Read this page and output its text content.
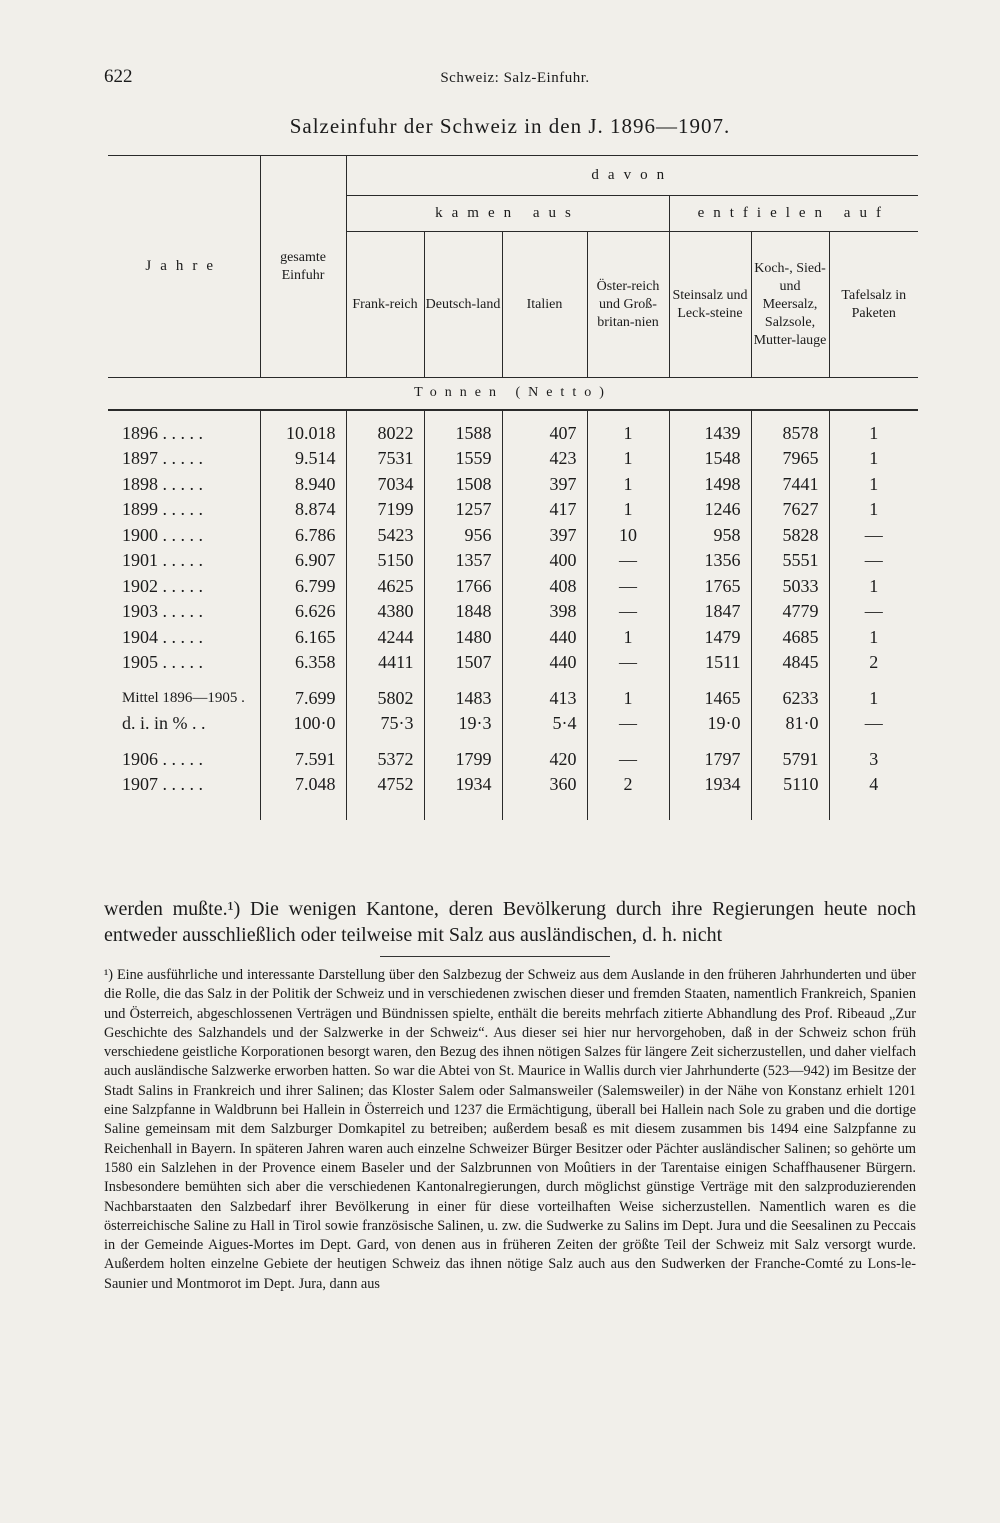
622	Schweiz: Salz-Einfuhr.
Salzeinfuhr der Schweiz in den J. 1896—1907.
Jahre	gesamte Einfuhr	davon						
		kamen aus				entfielen auf		
		Frank-reich	Deutsch-land	Italien	Öster-reich und Groß-britan-nien	Steinsalz und Leck-steine	Koch-, Sied- und Meersalz, Salzsole, Mutter-lauge	Tafelsalz in Paketen
Tonnen (Netto)								

1896 . . . . .	10.018	8022	1588	407	1	1439	8578	1
1897 . . . . .	9.514	7531	1559	423	1	1548	7965	1
1898 . . . . .	8.940	7034	1508	397	1	1498	7441	1
1899 . . . . .	8.874	7199	1257	417	1	1246	7627	1
1900 . . . . .	6.786	5423	956	397	10	958	5828	—
1901 . . . . .	6.907	5150	1357	400	—	1356	5551	—
1902 . . . . .	6.799	4625	1766	408	—	1765	5033	1
1903 . . . . .	6.626	4380	1848	398	—	1847	4779	—
1904 . . . . .	6.165	4244	1480	440	1	1479	4685	1
1905 . . . . .	6.358	4411	1507	440	—	1511	4845	2

Mittel 1896—1905 .	7.699	5802	1483	413	1	1465	6233	1
d. i. in % . .	100·0	75·3	19·3	5·4	—	19·0	81·0	—

1906 . . . . .	7.591	5372	1799	420	—	1797	5791	3
1907 . . . . .	7.048	4752	1934	360	2	1934	5110	4

werden mußte.¹) Die wenigen Kantone, deren Bevölkerung durch ihre Regierungen heute noch entweder ausschließlich oder teilweise mit Salz aus ausländischen, d. h. nicht
¹) Eine ausführliche und interessante Darstellung über den Salzbezug der Schweiz aus dem Auslande in den früheren Jahrhunderten und über die Rolle, die das Salz in der Politik der Schweiz und in verschiedenen zwischen dieser und fremden Staaten, namentlich Frankreich, Spanien und Österreich, abgeschlossenen Verträgen und Bündnissen spielte, enthält die bereits mehrfach zitierte Abhandlung des Prof. Ribeaud „Zur Geschichte des Salzhandels und der Salzwerke in der Schweiz“. Aus dieser sei hier nur hervorgehoben, daß in der Schweiz schon früh verschiedene geistliche Korporationen besorgt waren, den Bezug des ihnen nötigen Salzes für längere Zeit sicherzustellen, und daher vielfach auch ausländische Salzwerke erworben hatten. So war die Abtei von St. Maurice in Wallis durch vier Jahrhunderte (523—942) im Besitze der Stadt Salins in Frankreich und ihrer Salinen; das Kloster Salem oder Salmansweiler (Salemsweiler) in der Nähe von Konstanz erhielt 1201 eine Salzpfanne in Waldbrunn bei Hallein in Österreich und 1237 die Ermächtigung, überall bei Hallein nach Sole zu graben und die dortige Saline gemeinsam mit dem Salzburger Domkapitel zu betreiben; außerdem besaß es mit diesem zusammen bis 1494 eine Salzpfanne zu Reichenhall in Bayern. In späteren Jahren waren auch einzelne Schweizer Bürger Besitzer oder Pächter ausländischer Salinen; so gehörte um 1580 ein Salzlehen in der Provence einem Baseler und der Salzbrunnen von Moûtiers in der Tarentaise einigen Schaffhausener Bürgern. Insbesondere bemühten sich aber die verschiedenen Kantonalregierungen, durch möglichst günstige Verträge mit den salzproduzierenden Nachbarstaaten den Salzbedarf ihrer Bevölkerung in einer für diese vorteilhaften Weise sicherzustellen. Namentlich waren es die österreichische Saline zu Hall in Tirol sowie französische Salinen, u. zw. die Sudwerke zu Salins im Dept. Jura und die Seesalinen zu Peccais in der Gemeinde Aigues-Mortes im Dept. Gard, von denen aus in früheren Zeiten der größte Teil der Schweiz mit Salz versorgt wurde. Außerdem holten einzelne Gebiete der heutigen Schweiz das ihnen nötige Salz auch aus den Sudwerken der Franche-Comté zu Lons-le-Saunier und Montmorot im Dept. Jura, dann aus
